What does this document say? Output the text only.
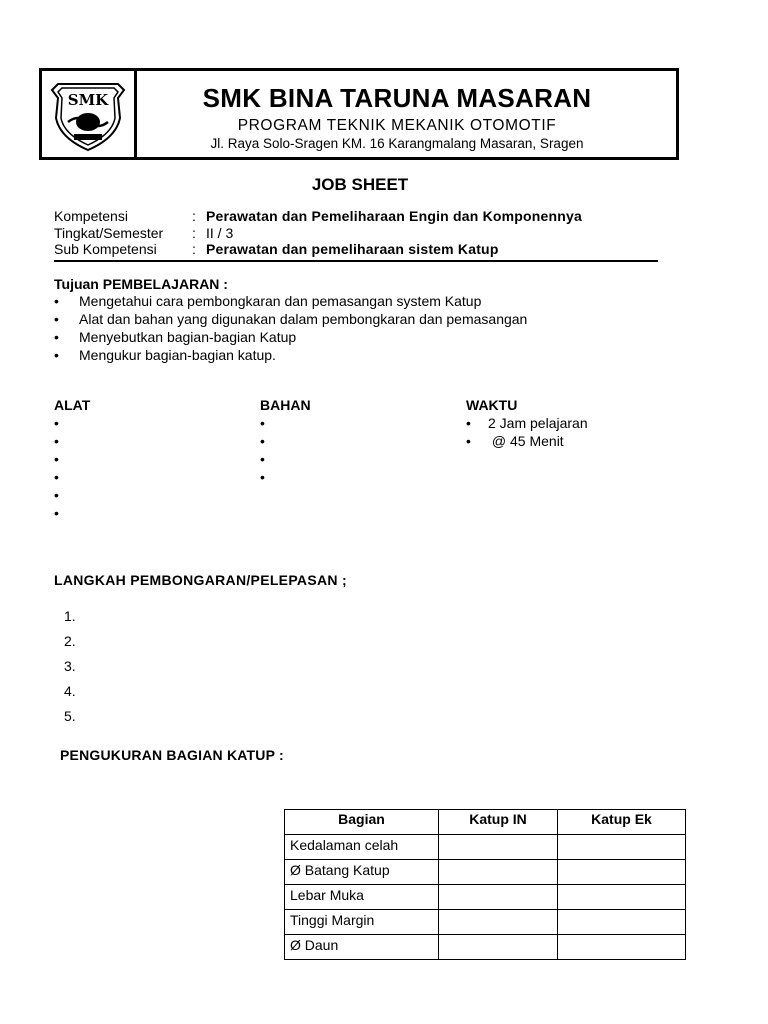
SMK	SMK BINA TARUNA MASARAN
PROGRAM TEKNIK MEKANIK OTOMOTIF
Jl. Raya Solo-Sragen KM. 16 Karangmalang Masaran, Sragen
JOB SHEET
Kompetensi	: Perawatan dan Pemeliharaan Engin dan Komponennya
Tingkat/Semester	: II / 3
Sub Kompetensi	: Perawatan dan pemeliharaan sistem Katup
Tujuan PEMBELAJARAN :
•	Mengetahui cara pembongkaran dan pemasangan system Katup
•	Alat dan bahan yang digunakan dalam pembongkaran dan pemasangan
•	Menyebutkan bagian-bagian Katup
•	Mengukur bagian-bagian katup.
ALAT
•
•
•
•
•
•
BAHAN
•
•
•
•
WAKTU
•	2 Jam pelajaran
•	@ 45 Menit
LANGKAH PEMBONGARAN/PELEPASAN ;
1.
2.
3.
4.
5.
PENGUKURAN BAGIAN KATUP :
Bagian	Katup IN	Katup Ek
Kedalaman celah		
Ø Batang Katup		
Lebar Muka		
Tinggi Margin		
Ø Daun		
